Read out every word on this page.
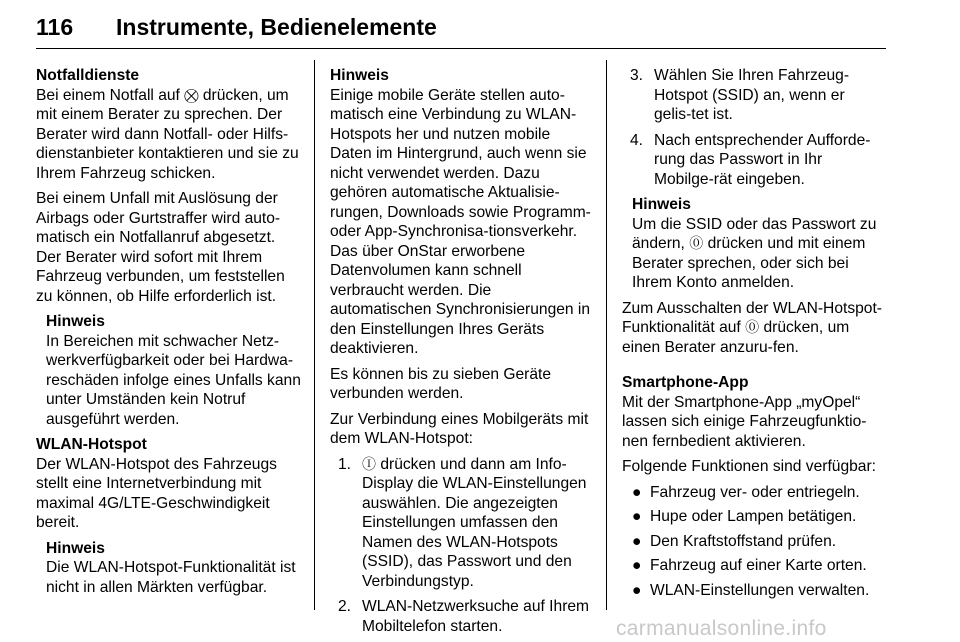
116 Instrumente, Bedienelemente
Notfalldienste

Bei einem Notfall auf ⛒ drücken, um mit einem Berater zu sprechen. Der Berater wird dann Notfall- oder Hilfs-dienstanbieter kontaktieren und sie zu Ihrem Fahrzeug schicken.

Bei einem Unfall mit Auslösung der Airbags oder Gurtstraffer wird auto-matisch ein Notfallanruf abgesetzt. Der Berater wird sofort mit Ihrem Fahrzeug verbunden, um feststellen zu können, ob Hilfe erforderlich ist.

Hinweis
In Bereichen mit schwacher Netz-werkverfügbarkeit oder bei Hardwa-reschäden infolge eines Unfalls kann unter Umständen kein Notruf ausgeführt werden.
WLAN-Hotspot

Der WLAN-Hotspot des Fahrzeugs stellt eine Internetverbindung mit maximal 4G/LTE-Geschwindigkeit bereit.

Hinweis
Die WLAN-Hotspot-Funktionalität ist nicht in allen Märkten verfügbar.
Hinweis

Einige mobile Geräte stellen auto-matisch eine Verbindung zu WLAN-Hotspots her und nutzen mobile Daten im Hintergrund, auch wenn sie nicht verwendet werden. Dazu gehören automatische Aktualisie-rungen, Downloads sowie Programm- oder App-Synchronisa-tionsverkehr. Das über OnStar erworbene Datenvolumen kann schnell verbraucht werden. Die automatischen Synchronisierungen in den Einstellungen Ihres Geräts deaktivieren.

Es können bis zu sieben Geräte verbunden werden.

Zur Verbindung eines Mobilgeräts mit dem WLAN-Hotspot:

1. Ⓘ drücken und dann am Info-Display die WLAN-Einstellungen auswählen. Die angezeigten Einstellungen umfassen den Namen des WLAN-Hotspots (SSID), das Passwort und den Verbindungstyp.
2. WLAN-Netzwerksuche auf Ihrem Mobiltelefon starten.
3. Wählen Sie Ihren Fahrzeug-Hotspot (SSID) an, wenn er gelis-tet ist.
4. Nach entsprechender Aufforde-rung das Passwort in Ihr Mobilge-rät eingeben.
Hinweis
Um die SSID oder das Passwort zu ändern, ⓪ drücken und mit einem Berater sprechen, oder sich bei Ihrem Konto anmelden.

Zum Ausschalten der WLAN-Hotspot-Funktionalität auf ⓪ drücken, um einen Berater anzuru-fen.

Smartphone-App

Mit der Smartphone-App „myOpel“ lassen sich einige Fahrzeugfunktio-nen fernbedient aktivieren.

Folgende Funktionen sind verfügbar:

● Fahrzeug ver- oder entriegeln.
● Hupe oder Lampen betätigen.
● Den Kraftstoffstand prüfen.
● Fahrzeug auf einer Karte orten.
● WLAN-Einstellungen verwalten.
carmanualsonline.info
